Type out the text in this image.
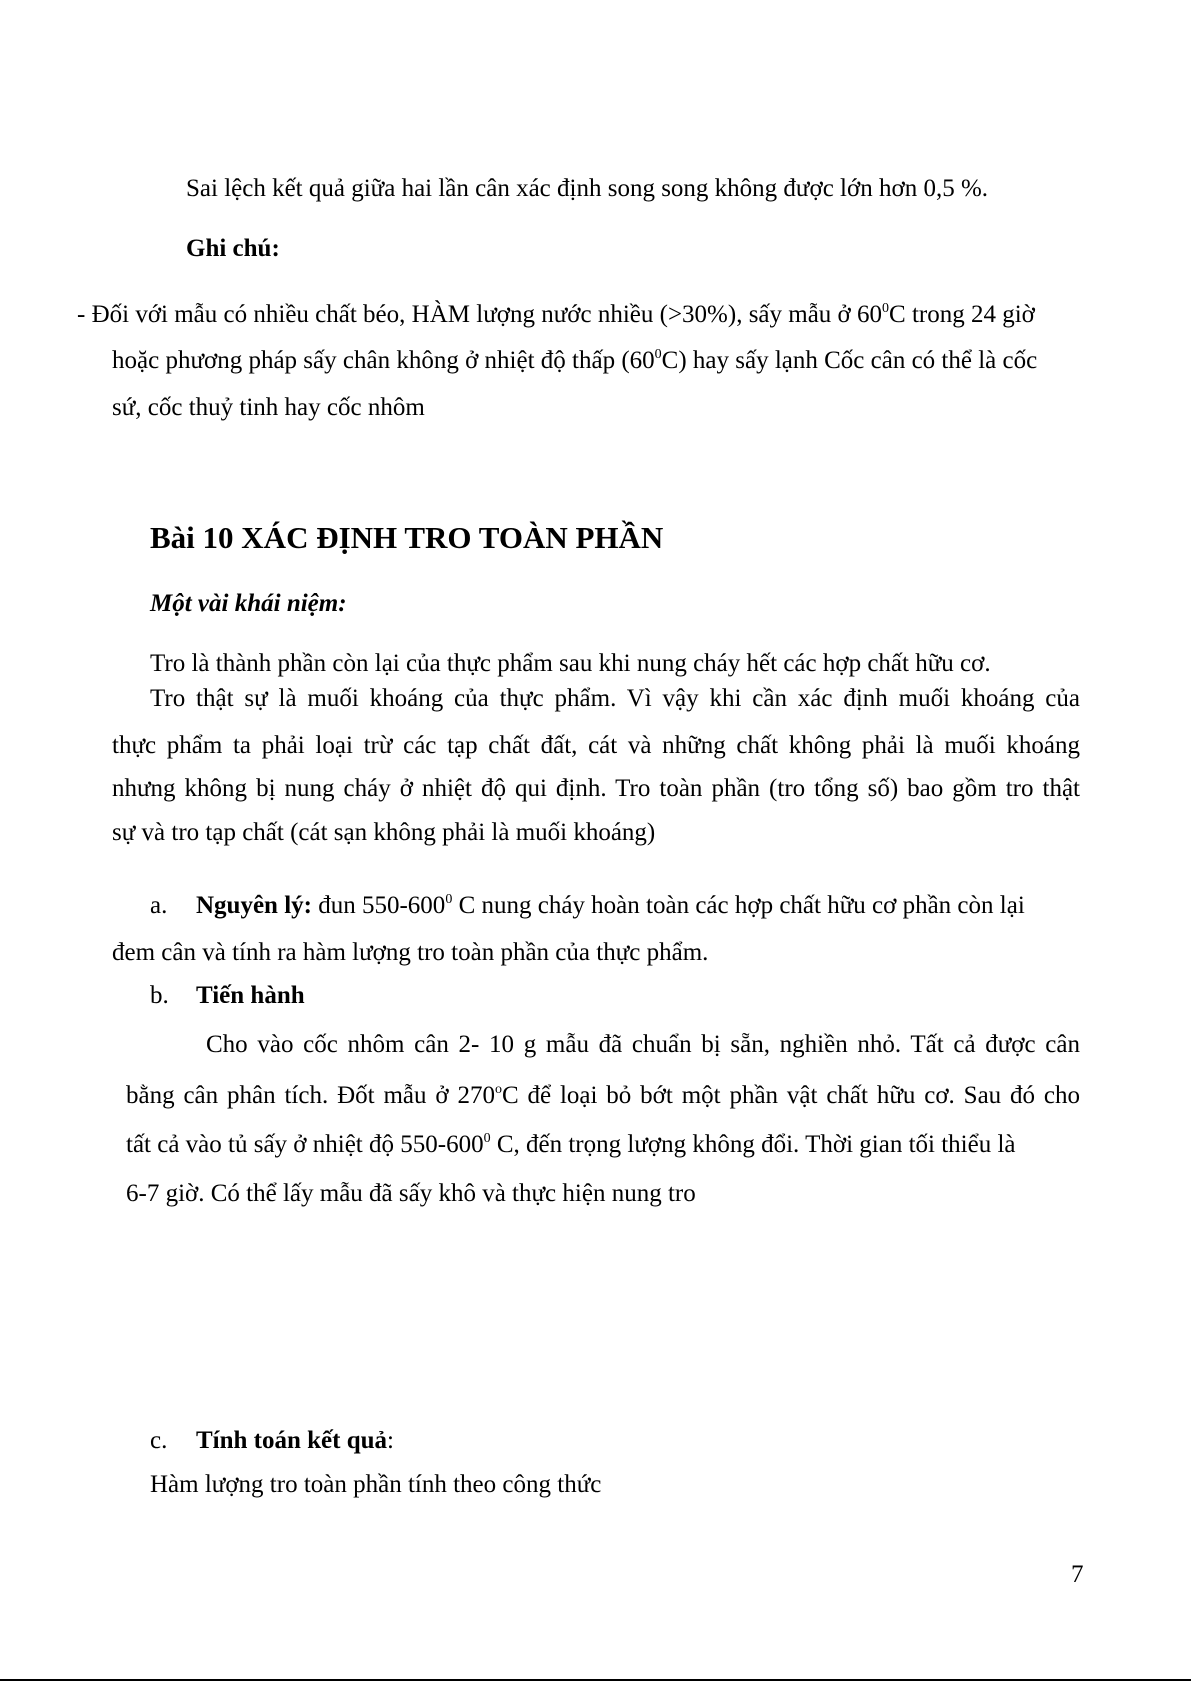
Sai lệch kết quả giữa hai lần cân xác định song song không được lớn hơn 0,5 %.
Ghi chú:
- Đối với mẫu có nhiều chất béo, HÀM lượng nước nhiều (>30%), sấy mẫu ở $60^0C$ trong 24 giờ
hoặc phương pháp sấy chân không ở nhiệt độ thấp $(60^0C)$ hay sấy lạnh Cốc cân có thể là cốc
sứ, cốc thuỷ tinh hay cốc nhôm
Bài 10 XÁC ĐỊNH TRO TOÀN PHẦN
Một vài khái niệm:
Tro là thành phần còn lại của thực phẩm sau khi nung cháy hết các hợp chất hữu cơ.
Tro thật sự là muối khoáng của thực phẩm. Vì vậy khi cần xác định muối khoáng của
thực phẩm ta phải loại trừ các tạp chất đất, cát và những chất không phải là muối khoáng
nhưng không bị nung cháy ở nhiệt độ qui định. Tro toàn phần (tro tổng số) bao gồm tro thật
sự và tro tạp chất (cát sạn không phải là muối khoáng)
a. Nguyên lý: đun $550-600^0$ C nung cháy hoàn toàn các hợp chất hữu cơ phần còn lại
đem cân và tính ra hàm lượng tro toàn phần của thực phẩm.
b. Tiến hành
Cho vào cốc nhôm cân 2- 10 g mẫu đã chuẩn bị sẵn, nghiền nhỏ. Tất cả được cân
bằng cân phân tích. Đốt mẫu ở 270$^o$C để loại bỏ bớt một phần vật chất hữu cơ. Sau đó cho
tất cả vào tủ sấy ở nhiệt độ $550-600^0$ C, đến trọng lượng không đổi. Thời gian tối thiểu là
6-7 giờ. Có thể lấy mẫu đã sấy khô và thực hiện nung tro
c. Tính toán kết quả:
Hàm lượng tro toàn phần tính theo công thức
7
